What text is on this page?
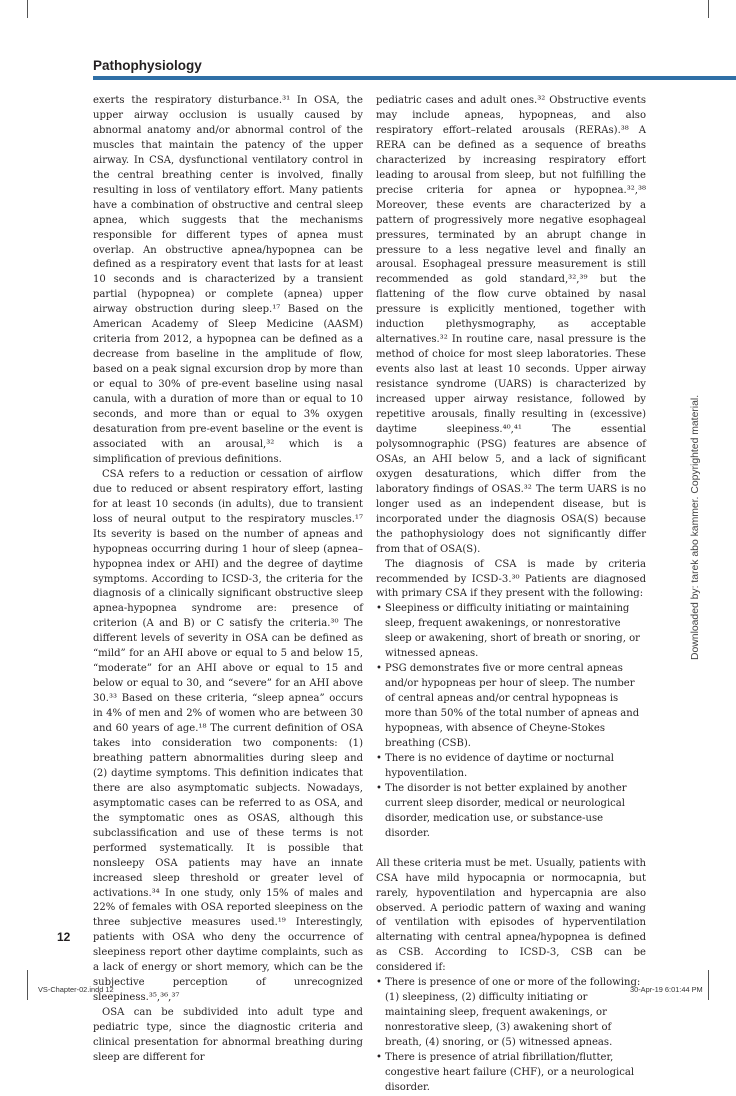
Pathophysiology

exerts the respiratory disturbance.³¹ In OSA, the upper airway occlusion is usually caused by abnormal anatomy and/or abnormal control of the muscles that maintain the patency of the upper airway. In CSA, dysfunctional ventilatory control in the central breathing center is involved, finally resulting in loss of ventilatory effort. Many patients have a combination of obstructive and central sleep apnea, which suggests that the mechanisms responsible for different types of apnea must overlap. An obstructive apnea/hypopnea can be defined as a respiratory event that lasts for at least 10 seconds and is characterized by a transient partial (hypopnea) or complete (apnea) upper airway obstruction during sleep.¹⁷ Based on the American Academy of Sleep Medicine (AASM) criteria from 2012, a hypopnea can be defined as a decrease from baseline in the amplitude of flow, based on a peak signal excursion drop by more than or equal to 30% of pre-event baseline using nasal canula, with a duration of more than or equal to 10 seconds, and more than or equal to 3% oxygen desaturation from pre-event baseline or the event is associated with an arousal,³² which is a simplification of previous definitions.

CSA refers to a reduction or cessation of airflow due to reduced or absent respiratory effort, lasting for at least 10 seconds (in adults), due to transient loss of neural output to the respiratory muscles.¹⁷ Its severity is based on the number of apneas and hypopneas occurring during 1 hour of sleep (apnea–hypopnea index or AHI) and the degree of daytime symptoms. According to ICSD-3, the criteria for the diagnosis of a clinically significant obstructive sleep apnea-hypopnea syndrome are: presence of criterion (A and B) or C satisfy the criteria.³⁰ The different levels of severity in OSA can be defined as “mild” for an AHI above or equal to 5 and below 15, “moderate” for an AHI above or equal to 15 and below or equal to 30, and “severe” for an AHI above 30.³³ Based on these criteria, “sleep apnea” occurs in 4% of men and 2% of women who are between 30 and 60 years of age.¹⁸ The current definition of OSA takes into consideration two components: (1) breathing pattern abnormalities during sleep and (2) daytime symptoms. This definition indicates that there are also asymptomatic subjects. Nowadays, asymptomatic cases can be referred to as OSA, and the symptomatic ones as OSAS, although this subclassification and use of these terms is not performed systematically. It is possible that nonsleepy OSA patients may have an innate increased sleep threshold or greater level of activations.³⁴ In one study, only 15% of males and 22% of females with OSA reported sleepiness on the three subjective measures used.¹⁹ Interestingly, patients with OSA who deny the occurrence of sleepiness report other daytime complaints, such as a lack of energy or short memory, which can be the subjective perception of unrecognized sleepiness.³⁵,³⁶,³⁷

OSA can be subdivided into adult type and pediatric type, since the diagnostic criteria and clinical presentation for abnormal breathing during sleep are different for

pediatric cases and adult ones.³² Obstructive events may include apneas, hypopneas, and also respiratory effort–related arousals (RERAs).³⁸ A RERA can be defined as a sequence of breaths characterized by increasing respiratory effort leading to arousal from sleep, but not fulfilling the precise criteria for apnea or hypopnea.³²,³⁸ Moreover, these events are characterized by a pattern of progressively more negative esophageal pressures, terminated by an abrupt change in pressure to a less negative level and finally an arousal. Esophageal pressure measurement is still recommended as gold standard,³²,³⁹ but the flattening of the flow curve obtained by nasal pressure is explicitly mentioned, together with induction plethysmography, as acceptable alternatives.³² In routine care, nasal pressure is the method of choice for most sleep laboratories. These events also last at least 10 seconds. Upper airway resistance syndrome (UARS) is characterized by increased upper airway resistance, followed by repetitive arousals, finally resulting in (excessive) daytime sleepiness.⁴⁰,⁴¹ The essential polysomnographic (PSG) features are absence of OSAs, an AHI below 5, and a lack of significant oxygen desaturations, which differ from the laboratory findings of OSAS.³² The term UARS is no longer used as an independent disease, but is incorporated under the diagnosis OSA(S) because the pathophysiology does not significantly differ from that of OSA(S).

The diagnosis of CSA is made by criteria recommended by ICSD-3.³⁰ Patients are diagnosed with primary CSA if they present with the following:

• Sleepiness or difficulty initiating or maintaining sleep, frequent awakenings, or nonrestorative sleep or awakening, short of breath or snoring, or witnessed apneas.
• PSG demonstrates five or more central apneas and/or hypopneas per hour of sleep. The number of central apneas and/or central hypopneas is more than 50% of the total number of apneas and hypopneas, with absence of Cheyne-Stokes breathing (CSB).
• There is no evidence of daytime or nocturnal hypoventilation.
• The disorder is not better explained by another current sleep disorder, medical or neurological disorder, medication use, or substance-use disorder.

All these criteria must be met. Usually, patients with CSA have mild hypocapnia or normocapnia, but rarely, hypoventilation and hypercapnia are also observed. A periodic pattern of waxing and waning of ventilation with episodes of hyperventilation alternating with central apnea/hypopnea is defined as CSB. According to ICSD-3, CSB can be considered if:

• There is presence of one or more of the following: (1) sleepiness, (2) difficulty initiating or maintaining sleep, frequent awakenings, or nonrestorative sleep, (3) awakening short of breath, (4) snoring, or (5) witnessed apneas.
• There is presence of atrial fibrillation/flutter, congestive heart failure (CHF), or a neurological disorder.
Downloaded by: tarek abo kammer. Copyrighted material.
12
VS-Chapter-02.indd 12	30-Apr-19 6:01:44 PM
